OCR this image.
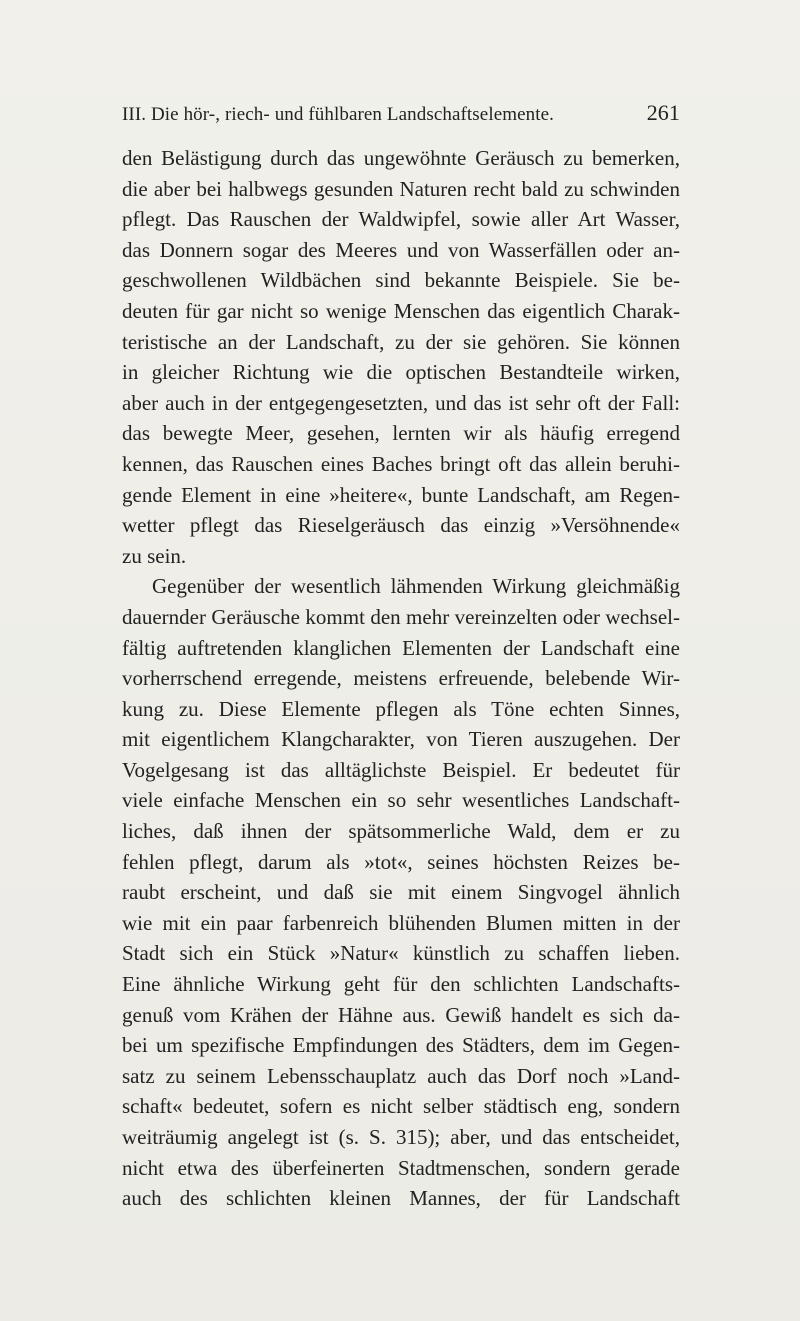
III. Die hör-, riech- und fühlbaren Landschaftselemente.	261

den Belästigung durch das ungewöhnte Geräusch zu bemerken,
die aber bei halbwegs gesunden Naturen recht bald zu schwinden
pflegt. Das Rauschen der Waldwipfel, sowie aller Art Wasser,
das Donnern sogar des Meeres und von Wasserfällen oder an-
geschwollenen Wildbächen sind bekannte Beispiele. Sie be-
deuten für gar nicht so wenige Menschen das eigentlich Charak-
teristische an der Landschaft, zu der sie gehören. Sie können
in gleicher Richtung wie die optischen Bestandteile wirken,
aber auch in der entgegengesetzten, und das ist sehr oft der Fall:
das bewegte Meer, gesehen, lernten wir als häufig erregend
kennen, das Rauschen eines Baches bringt oft das allein beruhi-
gende Element in eine »heitere«, bunte Landschaft, am Regen-
wetter pflegt das Rieselgeräusch das einzig »Versöhnende«
zu sein.

Gegenüber der wesentlich lähmenden Wirkung gleichmäßig
dauernder Geräusche kommt den mehr vereinzelten oder wechsel-
fältig auftretenden klanglichen Elementen der Landschaft eine
vorherrschend erregende, meistens erfreuende, belebende Wir-
kung zu. Diese Elemente pflegen als Töne echten Sinnes,
mit eigentlichem Klangcharakter, von Tieren auszugehen. Der
Vogelgesang ist das alltäglichste Beispiel. Er bedeutet für
viele einfache Menschen ein so sehr wesentliches Landschaft-
liches, daß ihnen der spätsommerliche Wald, dem er zu
fehlen pflegt, darum als »tot«, seines höchsten Reizes be-
raubt erscheint, und daß sie mit einem Singvogel ähnlich
wie mit ein paar farbenreich blühenden Blumen mitten in der
Stadt sich ein Stück »Natur« künstlich zu schaffen lieben.
Eine ähnliche Wirkung geht für den schlichten Landschafts-
genuß vom Krähen der Hähne aus. Gewiß handelt es sich da-
bei um spezifische Empfindungen des Städters, dem im Gegen-
satz zu seinem Lebensschauplatz auch das Dorf noch »Land-
schaft« bedeutet, sofern es nicht selber städtisch eng, sondern
weiträumig angelegt ist (s. S. 315); aber, und das entscheidet,
nicht etwa des überfeinerten Stadtmenschen, sondern gerade
auch des schlichten kleinen Mannes, der für Landschaft
